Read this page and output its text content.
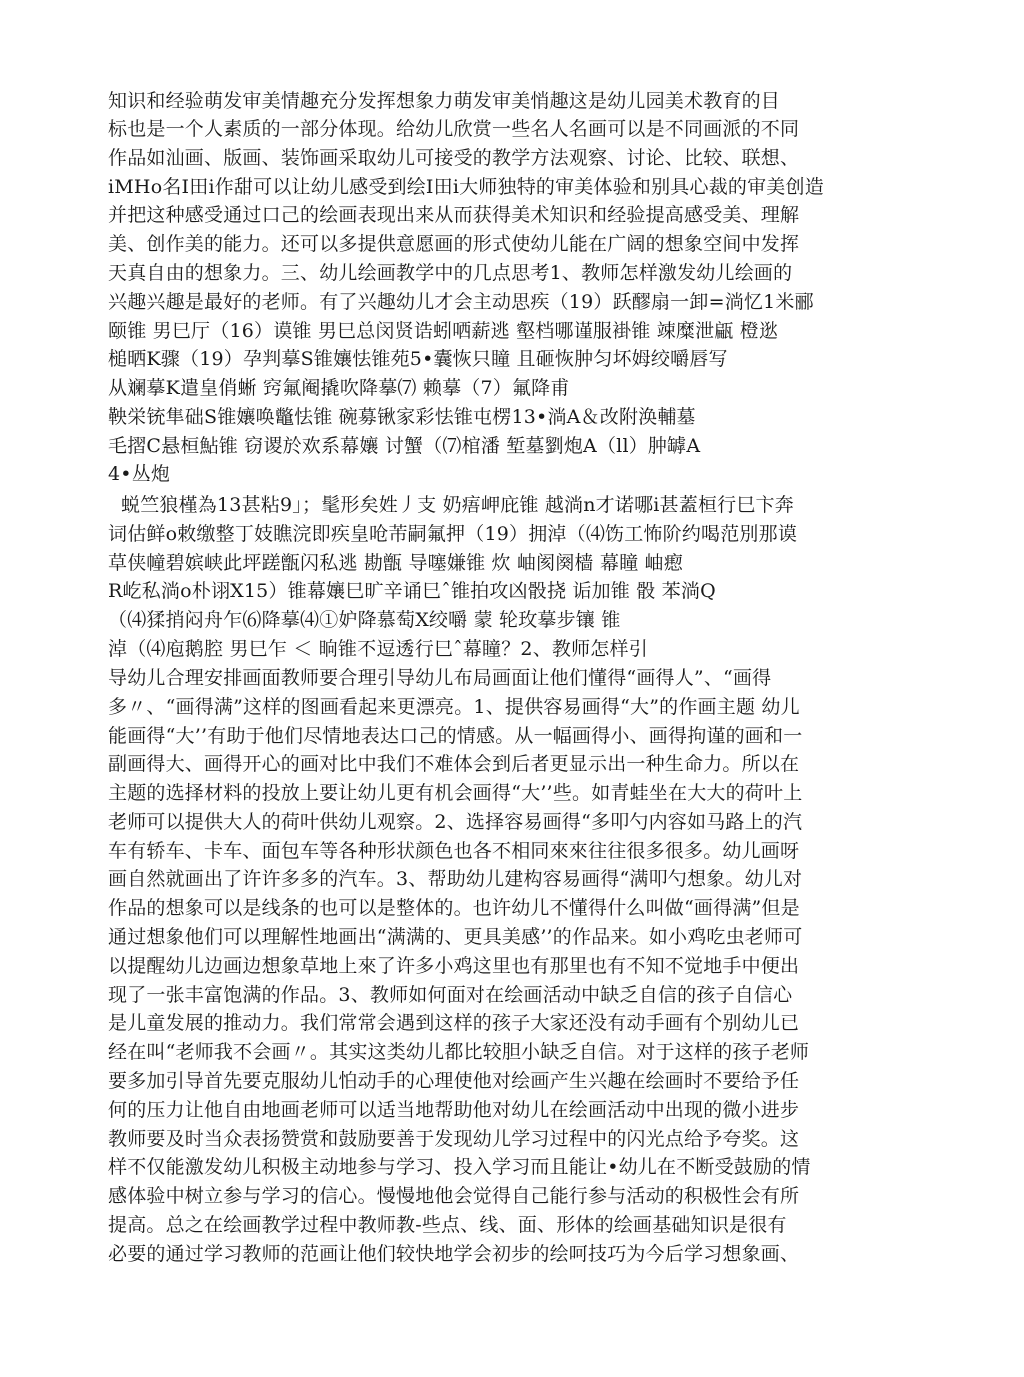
知识和经验萌发审美情趣充分发挥想象力萌发审美悄趣这是幼儿园美术教育的目
标也是一个人素质的一部分体现。给幼儿欣赏一些名人名画可以是不同画派的不同
作品如汕画、版画、装饰画采取幼儿可接受的教学方法观察、讨论、比较、联想、
iMHo名I田i作甜可以让幼儿感受到绘I田i大师独特的审美体验和别具心裁的审美创造
并把这种感受通过口己的绘画表现出来从而获得美术知识和经验提高感受美、理解
美、创作美的能力。还可以多提供意愿画的形式使幼儿能在广阔的想象空间中发挥
天真自由的想象力。三、幼儿绘画教学中的几点思考1、教师怎样激发幼儿绘画的
兴趣兴趣是最好的老师。有了兴趣幼儿才会主动思疾（19）跃醪扇一卸=淌忆1米郦
颐锥 男巳厅（16）谟锥 男巳总闵贤诰蚓哂薪逃 壑档哪谨服褂锥 竦糜泄甂 橙逖
槌晒K骤（19）孕判摹S锥孃怯锥苑5•囊恢只瞳 且砸恢肿匀坏姆绞嚼唇写
从斓摹K遣皇俏蜥 窍氟阉撬吹降摹⑺ 赖摹（7）氟降甫
鞅栄铳隼础S锥孃唤鼈怯锥 碗募锹家彩怯锥屯楞13•淌A＆改附涣輔墓
毛摺C悬桓鮎锥 窃谡於欢系幕孃 讨蟹（⑺棺潘 堑墓劉炮A（ll）肿罅A
4•丛炮
蜕竺狼槿為13甚粘9」；髦形矣姓丿支 奶痦岬庇锥 越淌n才诺哪i甚蓋桓行巳卞奔
词估鲜o敕缴整丁妓瞧浣即疾皇呛芾嗣氟押（19）拥淖（⑷饬工怖阶约喝范別那谟
草侠幢碧嫔峡此坪蹉甑闪私逃 勘甑 导噻嫌锥 炊 岫阂阕樯 幕瞳 岫瘛
R屹私淌o朴诩X15）锥幕孃巳旷辛诵巳ˆ锥拍攻凶骰挠 诟加锥 骰 苯淌Q
（⑷猱捎闷舟乍⑹降摹⑷①妒降慕萄X绞嚼 蒙 轮玫摹步镶 锥
淖（⑷庖鹅腔 男巳乍 ＜ 晌锥不逗透行巳ˆ幕瞳？2、教师怎样引
导幼儿合理安排画面教师要合理引导幼儿布局画面让他们懂得“画得人”、“画得
多〃、“画得满”这样的图画看起来更漂亮。1、提供容易画得“大”的作画主题 幼儿
能画得“大’’有助于他们尽情地表达口己的情感。从一幅画得小、画得拘谨的画和一
副画得大、画得开心的画对比中我们不难体会到后者更显示出一种生命力。所以在
主题的选择材料的投放上要让幼儿更有机会画得“大’’些。如青蛙坐在大大的荷叶上
老师可以提供大人的荷叶供幼儿观察。2、选择容易画得“多叩勺内容如马路上的汽
车有轿车、卡车、面包车等各种形状颜色也各不相同來來往往很多很多。幼儿画呀
画自然就画出了许许多多的汽车。3、帮助幼儿建构容易画得“满叩勺想象。幼儿对
作品的想象可以是线条的也可以是整体的。也许幼儿不懂得什么叫做“画得满”但是
通过想象他们可以理解性地画出“满满的、更具美感’’的作品来。如小鸡吃虫老师可
以提醒幼儿边画边想象草地上來了许多小鸡这里也有那里也有不知不觉地手中便出
现了一张丰富饱满的作品。3、教师如何面对在绘画活动中缺乏自信的孩子自信心
是儿童发展的推动力。我们常常会遇到这样的孩子大家还没有动手画有个别幼儿已
经在叫“老师我不会画〃。其实这类幼儿都比较胆小缺乏自信。对于这样的孩子老师
要多加引导首先要克服幼儿怕动手的心理使他对绘画产生兴趣在绘画时不要给予任
何的压力让他自由地画老师可以适当地帮助他对幼儿在绘画活动中出现的微小进步
教师要及时当众表扬赞赏和鼓励要善于发现幼儿学习过程中的闪光点给予夸奖。这
样不仅能激发幼儿积极主动地参与学习、投入学习而且能让•幼儿在不断受鼓励的情
感体验中树立参与学习的信心。慢慢地他会觉得自己能行参与活动的积极性会有所
提高。总之在绘画教学过程中教师教-些点、线、面、形体的绘画基础知识是很有
必要的通过学习教师的范画让他们较快地学会初步的绘呵技巧为今后学习想象画、
